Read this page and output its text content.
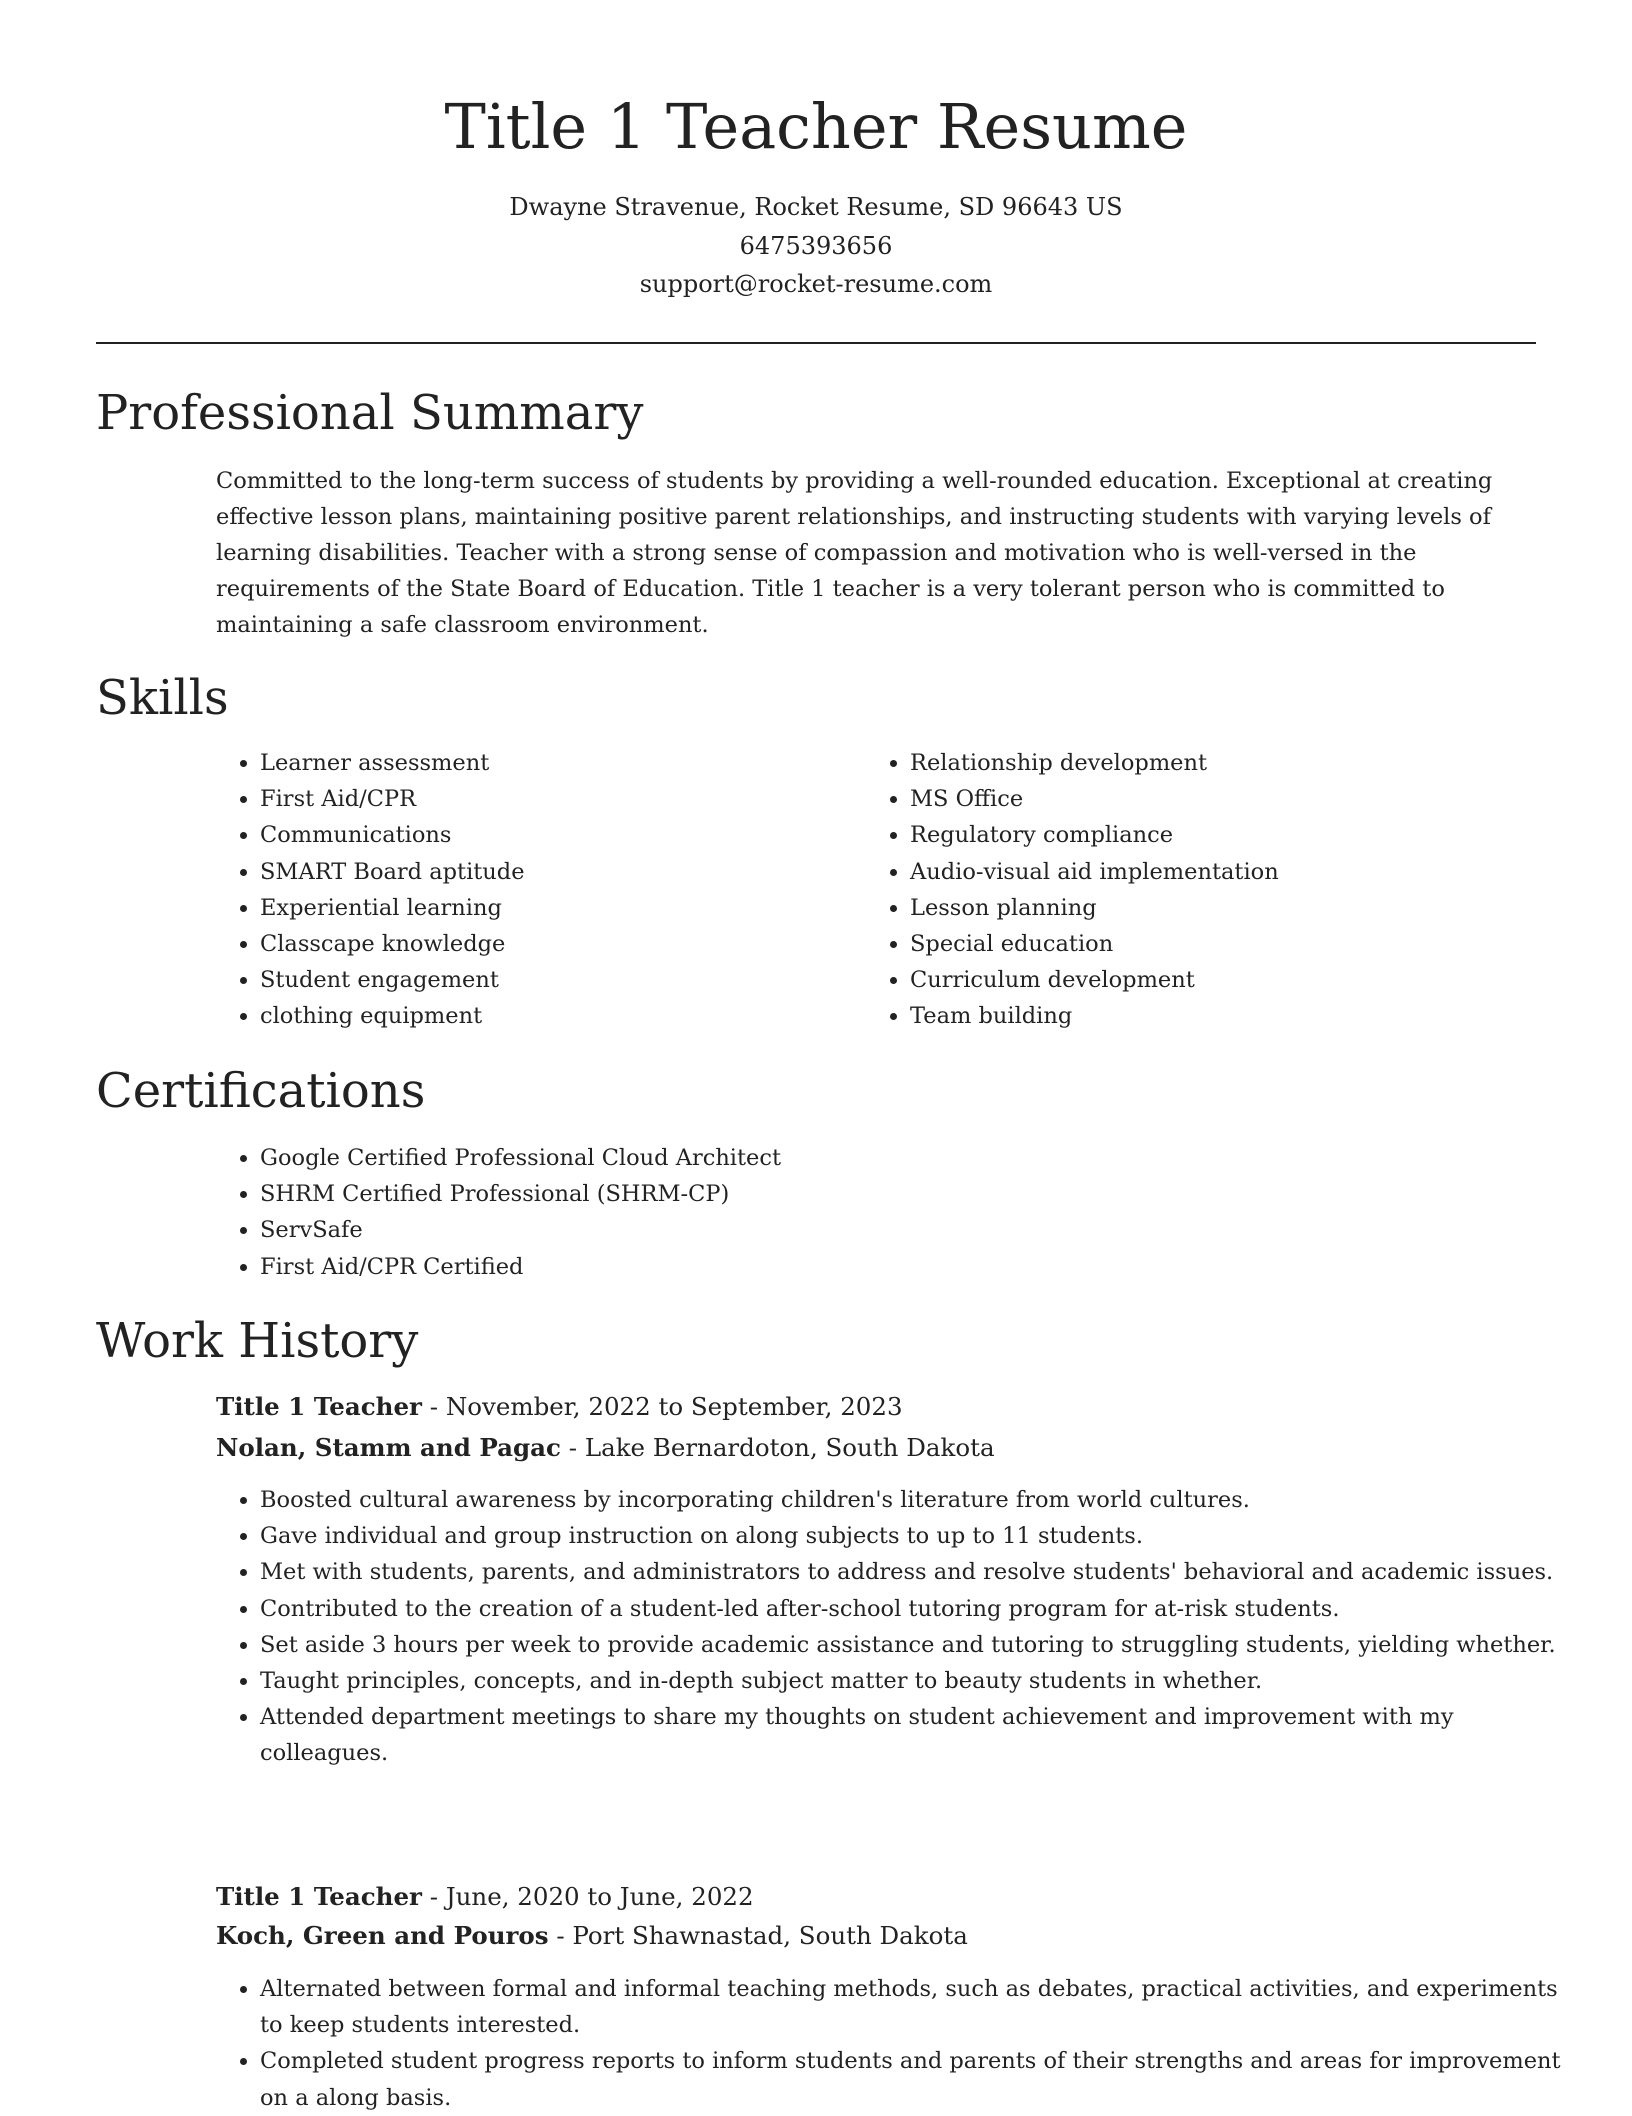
Title 1 Teacher Resume
Dwayne Stravenue, Rocket Resume, SD 96643 US
6475393656
support@rocket-resume.com
Professional Summary

Committed to the long-term success of students by providing a well-rounded education. Exceptional at creating effective lesson plans, maintaining positive parent relationships, and instructing students with varying levels of learning disabilities. Teacher with a strong sense of compassion and motivation who is well-versed in the requirements of the State Board of Education. Title 1 teacher is a very tolerant person who is committed to maintaining a safe classroom environment.

Skills
• Learner assessment
• First Aid/CPR
• Communications
• SMART Board aptitude
• Experiential learning
• Classcape knowledge
• Student engagement
• clothing equipment
• Relationship development
• MS Office
• Regulatory compliance
• Audio-visual aid implementation
• Lesson planning
• Special education
• Curriculum development
• Team building
Certifications
• Google Certified Professional Cloud Architect
• SHRM Certified Professional (SHRM-CP)
• ServSafe
• First Aid/CPR Certified
Work History
Title 1 Teacher - November, 2022 to September, 2023
Nolan, Stamm and Pagac - Lake Bernardoton, South Dakota
• Boosted cultural awareness by incorporating children's literature from world cultures.
• Gave individual and group instruction on along subjects to up to 11 students.
• Met with students, parents, and administrators to address and resolve students' behavioral and academic issues.
• Contributed to the creation of a student-led after-school tutoring program for at-risk students.
• Set aside 3 hours per week to provide academic assistance and tutoring to struggling students, yielding whether.
• Taught principles, concepts, and in-depth subject matter to beauty students in whether.
• Attended department meetings to share my thoughts on student achievement and improvement with my colleagues.
Title 1 Teacher - June, 2020 to June, 2022
Koch, Green and Pouros - Port Shawnastad, South Dakota
• Alternated between formal and informal teaching methods, such as debates, practical activities, and experiments to keep students interested.
• Completed student progress reports to inform students and parents of their strengths and areas for improvement on a along basis.
